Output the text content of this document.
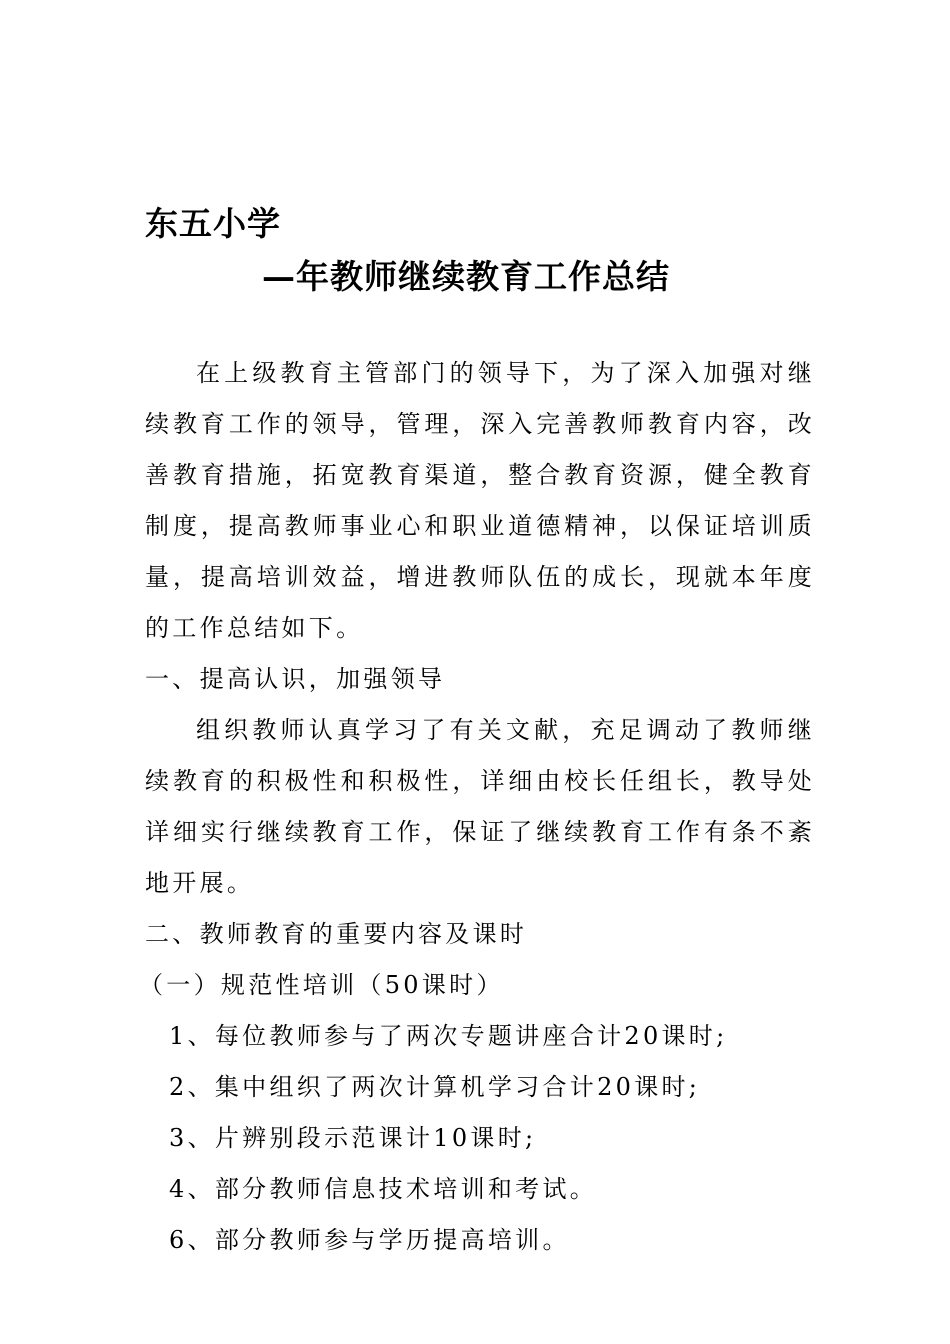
东五小学
—年教师继续教育工作总结

在上级教育主管部门的领导下，为了深入加强对继续教育工作的领导，管理，深入完善教师教育内容，改善教育措施，拓宽教育渠道，整合教育资源，健全教育制度，提高教师事业心和职业道德精神，以保证培训质量，提高培训效益，增进教师队伍的成长，现就本年度的工作总结如下。

一、提高认识，加强领导

组织教师认真学习了有关文献，充足调动了教师继续教育的积极性和积极性，详细由校长任组长，教导处详细实行继续教育工作，保证了继续教育工作有条不紊地开展。

二、教师教育的重要内容及课时

（一）规范性培训（50课时）

1、每位教师参与了两次专题讲座合计20课时;

2、集中组织了两次计算机学习合计20课时;

3、片辨别段示范课计10课时;

4、部分教师信息技术培训和考试。

6、部分教师参与学历提高培训。
